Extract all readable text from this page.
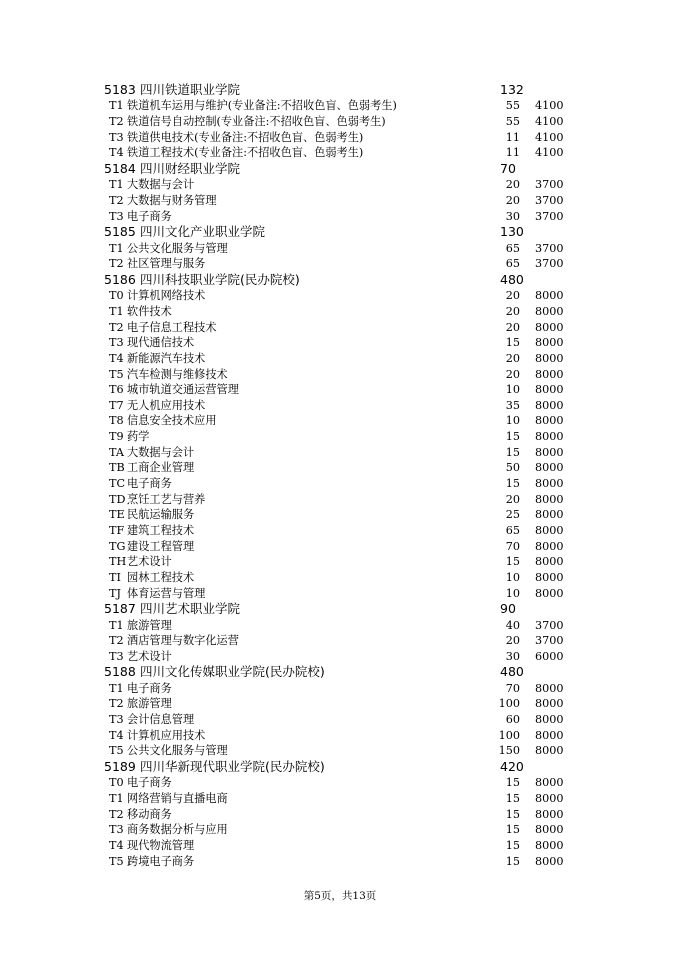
5183 四川铁道职业学院	132
T1 铁道机车运用与维护(专业备注:不招收色盲、色弱考生)	55 4100
T2 铁道信号自动控制(专业备注:不招收色盲、色弱考生)	55 4100
T3 铁道供电技术(专业备注:不招收色盲、色弱考生)	11 4100
T4 铁道工程技术(专业备注:不招收色盲、色弱考生)	11 4100
5184 四川财经职业学院	70
T1 大数据与会计	20 3700
T2 大数据与财务管理	20 3700
T3 电子商务	30 3700
5185 四川文化产业职业学院	130
T1 公共文化服务与管理	65 3700
T2 社区管理与服务	65 3700
5186 四川科技职业学院(民办院校)	480
T0 计算机网络技术	20 8000
T1 软件技术	20 8000
T2 电子信息工程技术	20 8000
T3 现代通信技术	15 8000
T4 新能源汽车技术	20 8000
T5 汽车检测与维修技术	20 8000
T6 城市轨道交通运营管理	10 8000
T7 无人机应用技术	35 8000
T8 信息安全技术应用	10 8000
T9 药学	15 8000
TA 大数据与会计	15 8000
TB 工商企业管理	50 8000
TC 电子商务	15 8000
TD 烹饪工艺与营养	20 8000
TE 民航运输服务	25 8000
TF 建筑工程技术	65 8000
TG 建设工程管理	70 8000
TH 艺术设计	15 8000
TI 园林工程技术	10 8000
TJ 体育运营与管理	10 8000
5187 四川艺术职业学院	90
T1 旅游管理	40 3700
T2 酒店管理与数字化运营	20 3700
T3 艺术设计	30 6000
5188 四川文化传媒职业学院(民办院校)	480
T1 电子商务	70 8000
T2 旅游管理	100 8000
T3 会计信息管理	60 8000
T4 计算机应用技术	100 8000
T5 公共文化服务与管理	150 8000
5189 四川华新现代职业学院(民办院校)	420
T0 电子商务	15 8000
T1 网络营销与直播电商	15 8000
T2 移动商务	15 8000
T3 商务数据分析与应用	15 8000
T4 现代物流管理	15 8000
T5 跨境电子商务	15 8000
第5页，共13页
